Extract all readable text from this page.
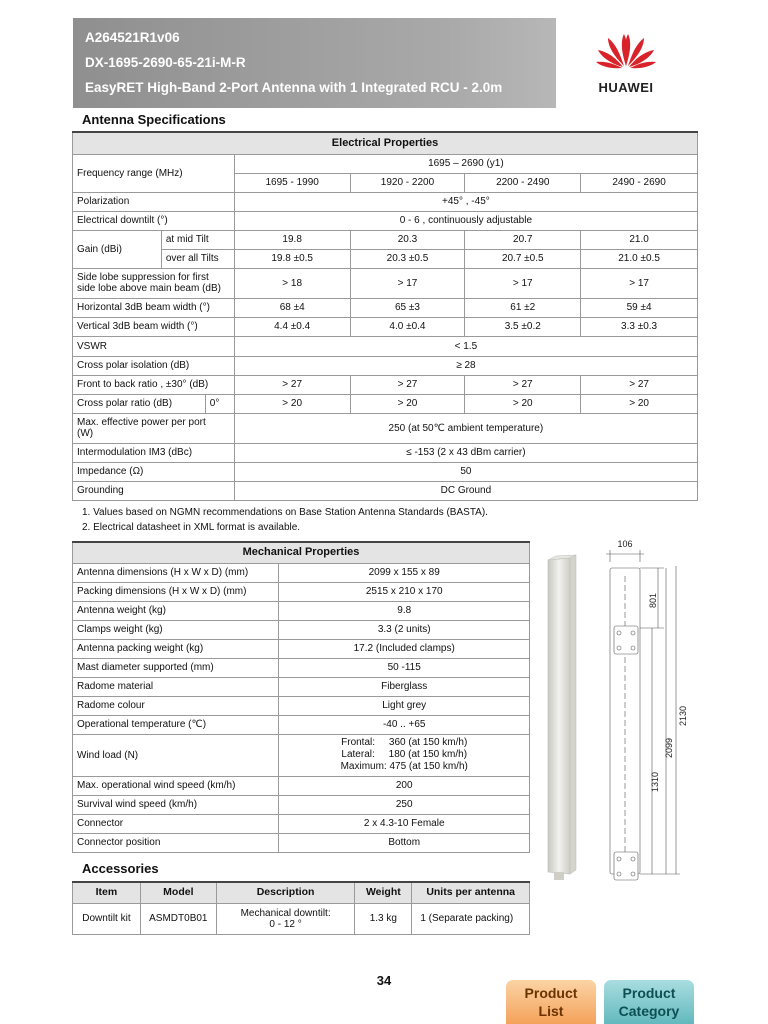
A264521R1v06
DX-1695-2690-65-21i-M-R
EasyRET High-Band 2-Port Antenna with 1 Integrated RCU - 2.0m	HUAWEI
Antenna Specifications
Electrical Properties						
Frequency range (MHz)			1695 – 2690 (y1)			
			1695 - 1990	1920 - 2200	2200 - 2490	2490 - 2690
Polarization			+45° , -45°			
Electrical downtilt (°)			0 - 6 , continuously adjustable			
Gain (dBi)	at mid Tilt		19.8	20.3	20.7	21.0
	over all Tilts		19.8 ±0.5	20.3 ±0.5	20.7 ±0.5	21.0 ±0.5
Side lobe suppression for first
side lobe above main beam (dB)			> 18	> 17	> 17	> 17
Horizontal 3dB beam width (°)			68 ±4	65 ±3	61 ±2	59 ±4
Vertical 3dB beam width (°)			4.4 ±0.4	4.0 ±0.4	3.5 ±0.2	3.3 ±0.3
VSWR			< 1.5			
Cross polar isolation (dB)			≥ 28			
Front to back ratio , ±30° (dB)			> 27	> 27	> 27	> 27
Cross polar ratio (dB)		0°	> 20	> 20	> 20	> 20
Max. effective power per port
(W)			250 (at 50℃ ambient temperature)			
Intermodulation IM3 (dBc)			≤ -153 (2 x 43 dBm carrier)			
Impedance (Ω)			50			
Grounding			DC Ground			
1. Values based on NGMN recommendations on Base Station Antenna Standards (BASTA).
2. Electrical datasheet in XML format is available.
Mechanical Properties	
Antenna dimensions (H x W x D) (mm)	2099 x 155 x 89
Packing dimensions (H x W x D) (mm)	2515 x 210 x 170
Antenna weight (kg)	9.8
Clamps weight (kg)	3.3 (2 units)
Antenna packing weight (kg)	17.2 (Included clamps)
Mast diameter supported (mm)	50 -115
Radome material	Fiberglass
Radome colour	Light grey
Operational temperature (℃)	-40 .. +65
Wind load (N)	Frontal:     360 (at 150 km/h)
Lateral:     180 (at 150 km/h)
Maximum: 475 (at 150 km/h)
Max. operational wind speed (km/h)	200
Survival wind speed (km/h)	250
Connector	2 x 4.3-10 Female
Connector position	Bottom
106
801
2130
2099
1310
Accessories
Item	Model	Description	Weight	Units per antenna
Downtilt kit	ASMDT0B01	Mechanical downtilt:
0 - 12 °	1.3 kg	1 (Separate packing)
34
Product
List
Product
Category
